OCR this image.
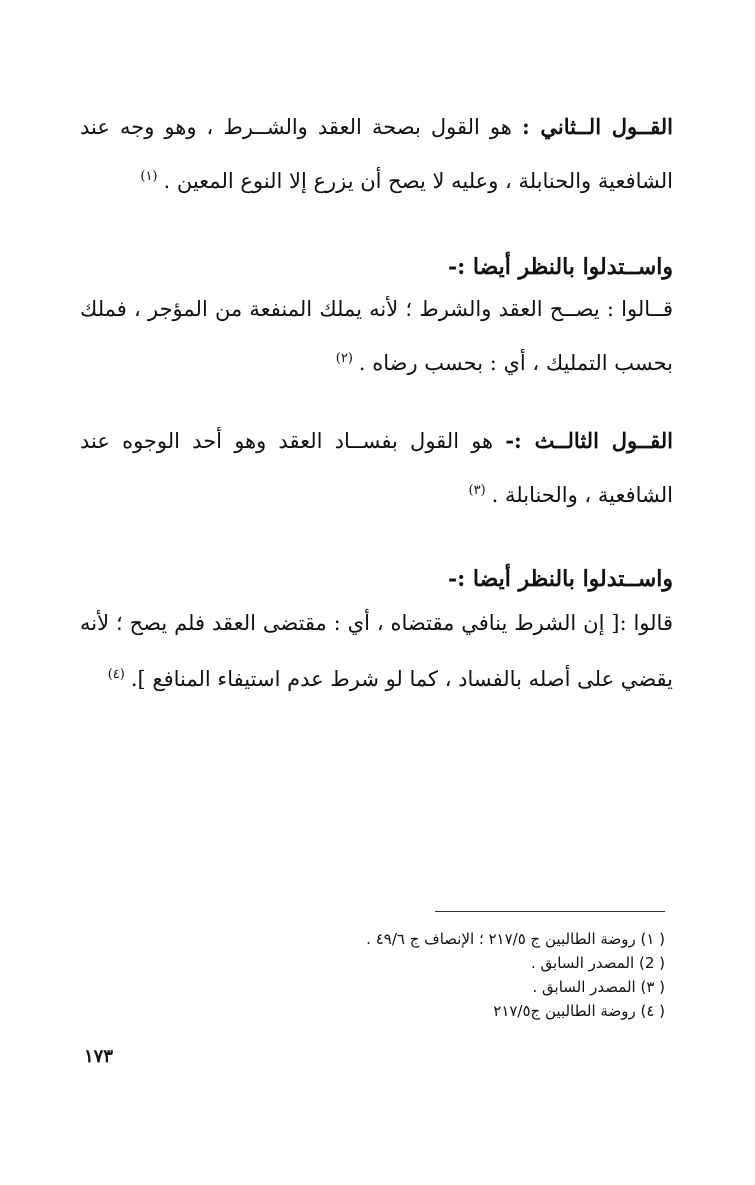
القــول الــثاني : هو القول بصحة العقد والشــرط ، وهو وجه عند
الشافعية والحنابلة ، وعليه لا يصح أن يزرع إلا النوع المعين .$^{(١)}$
واســتدلوا بالنظر أيضا :-
قــالوا : يصــح العقد والشرط ؛ لأنه يملك المنفعة من المؤجر ، فملك
بحسب التمليك ، أي : بحسب رضاه .$^{(٢)}$
القــول الثالــث :- هو القول بفســاد العقد وهو أحد الوجوه عند
الشافعية ، والحنابلة .$^{(٣)}$
واســتدلوا بالنظر أيضا :-
قالوا :[ إن الشرط ينافي مقتضاه ، أي : مقتضى العقد فلم يصح ؛ لأنه
يقضي على أصله بالفساد ، كما لو شرط عدم استيفاء المنافع ].$^{(٤)}$
( ١) روضة الطالبين ج ٢١٧/٥ ؛ الإنصاف ج ٤٩/٦ .
( 2) المصدر السابق .
( ٣) المصدر السابق .
( ٤) روضة الطالبين ج٢١٧/٥
١٧٣
